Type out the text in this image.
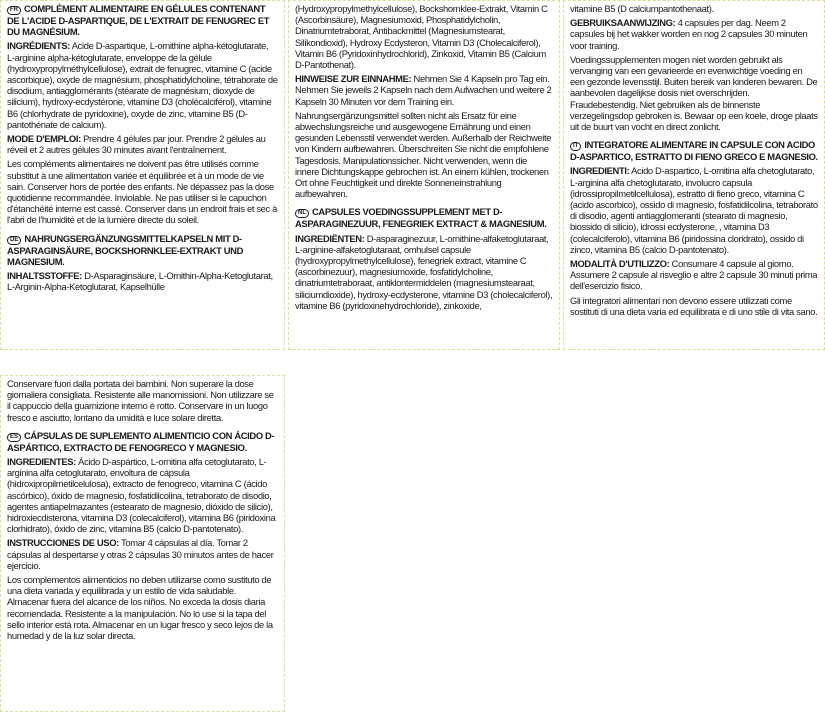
FR COMPLÉMENT ALIMENTAIRE EN GÉLULES CONTENANT DE L'ACIDE D-ASPARTIQUE, DE L'EXTRAIT DE FENUGREC ET DU MAGNÉSIUM.

INGRÉDIENTS: Acide D-aspartique, L-ornithine alpha-kétoglutarate, L-arginine alpha-kétoglutarate, enveloppe de la gélule (hydroxypropylméthylcellulose), extrait de fenugrec, vitamine C (acide ascorbique), oxyde de magnésium, phosphatidylcholine, tétraborate de disodium, antiagglomérants (stéarate de magnésium, dioxyde de silicium), hydroxy-ecdystérone, vitamine D3 (cholécalciférol), vitamine B6 (chlorhydrate de pyridoxine), oxyde de zinc, vitamine B5 (D-pantothénate de calcium).

MODE D'EMPLOI: Prendre 4 gélules par jour. Prendre 2 gélules au réveil et 2 autres gélules 30 minutes avant l'entraînement.

Les compléments alimentaires ne doivent pas être utilisés comme substitut à une alimentation variée et équilibrée et à un mode de vie sain. Conserver hors de portée des enfants. Ne dépassez pas la dose quotidienne recommandée. Inviolable. Ne pas utiliser si le capuchon d'étanchéité interne est cassé. Conserver dans un endroit frais et sec à l'abri de l'humidité et de la lumière directe du soleil.

DE NAHRUNGSERGÄNZUNGSMITTELKAPSELN MIT D-ASPARAGINSÄURE, BOCKSHORNKLEE-EXTRAKT UND MAGNESIUM.

INHALTSSTOFFE: D-Asparaginsäure, L-Ornithin-Alpha-Ketoglutarat, L-Arginin-Alpha-Ketoglutarat, Kapselhülle

(Hydroxypropylmethylcellulose), Bockshornklee-Extrakt, Vitamin C (Ascorbinsäure), Magnesiumoxid, Phosphatidylcholin, Dinatriumtetraborat, Antibackmittel (Magnesiumstearat, Silikondioxid), Hydroxy Ecdysteron, Vitamin D3 (Cholecalciferol), Vitamin B6 (Pyridoxinhydrochlorid), Zinkoxid, Vitamin B5 (Calcium D-Pantothenat).

HINWEISE ZUR EINNAHME: Nehmen Sie 4 Kapseln pro Tag ein. Nehmen Sie jeweils 2 Kapseln nach dem Aufwachen und weitere 2 Kapseln 30 Minuten vor dem Training ein.

Nahrungsergänzungsmittel sollten nicht als Ersatz für eine abwechslungsreiche und ausgewogene Ernährung und einen gesunden Lebensstil verwendet werden. Außerhalb der Reichweite von Kindern aufbewahren. Überschreiten Sie nicht die empfohlene Tagesdosis. Manipulationssicher. Nicht verwenden, wenn die innere Dichtungskappe gebrochen ist. An einem kühlen, trockenen Ort ohne Feuchtigkeit und direkte Sonneneinstrahlung aufbewahren.

NL CAPSULES VOEDINGSSUPPLEMENT MET D-ASPARAGINEZUUR, FENEGRIEK EXTRACT & MAGNESIUM.

INGREDIËNTEN: D-asparaginezuur, L-ornithine-alfaketoglutaraat, L-arginine-alfaketoglutaraat, omhulsel capsule (hydroxypropylmethylcellulose), fenegriek extract, vitamine C (ascorbinezuur), magnesiumoxide, fosfatidylcholine, dinatriumtetraboraat, antiklontermiddelen (magnesiumstearaat, siliciumdioxide), hydroxy-ecdysterone, vitamine D3 (cholecalciferol), vitamine B6 (pyridoxinehydrochloride), zinkoxide,

vitamine B5 (D calciumpantothenaat).

GEBRUIKSAANWIJZING: 4 capsules per dag. Neem 2 capsules bij het wakker worden en nog 2 capsules 30 minuten voor training.

Voedingssupplementen mogen niet worden gebruikt als vervanging van een gevarieerde en evenwichtige voeding en een gezonde levensstijl. Buiten bereik van kinderen bewaren. De aanbevolen dagelijkse dosis niet overschrijden. Fraudebestendig. Niet gebruiken als de binnenste verzegelingsdop gebroken is. Bewaar op een koele, droge plaats uit de buurt van vocht en direct zonlicht.

IT INTEGRATORE ALIMENTARE IN CAPSULE CON ACIDO D-ASPARTICO, ESTRATTO DI FIENO GRECO E MAGNESIO.

INGREDIENTI: Acido D-aspartico, L-ornitina alfa chetoglutarato, L-arginina alfa chetoglutarato, involucro capsula (idrossipropilmetilcellulosa), estratto di fieno greco, vitamina C (acido ascorbico), ossido di magnesio, fosfatidilcolina, tetraborato di disodio, agenti antiagglomeranti (stearato di magnesio, biossido di silicio), idrossi ecdysterone, , vitamina D3 (colecalciferolo), vitamina B6 (piridossina cloridrato), ossido di zinco, vitamina B5 (calcio D-pantotenato).

MODALITÀ D'UTILIZZO: Consumare 4 capsule al giorno. Assumere 2 capsule al risveglio e altre 2 capsule 30 minuti prima dell'esercizio fisico.

Gli integratori alimentari non devono essere utilizzati come sostituti di una dieta varia ed equilibrata e di uno stile di vita sano.

Conservare fuori dalla portata dei bambini. Non superare la dose giornaliera consigliata. Resistente alle manomissioni. Non utilizzare se il cappuccio della guarnizione interno è rotto. Conservare in un luogo fresco e asciutto, lontano da umidità e luce solare diretta.

ES CÁPSULAS DE SUPLEMENTO ALIMENTICIO CON ÁCIDO D-ASPÁRTICO, EXTRACTO DE FENOGRECO Y MAGNESIO.

INGREDIENTES: Ácido D-aspártico, L-ornitina alfa cetoglutarato, L-arginina alfa cetoglutarato, envoltura de cápsula (hidroxipropilmetilcelulosa), extracto de fenogreco, vitamina C (ácido ascórbico), óxido de magnesio, fosfatidilcolina, tetraborato de disodio, agentes antiapelmazantes (estearato de magnesio, dióxido de silicio), hidroxiecdisterona, vitamina D3 (colecalciferol), vitamina B6 (piridoxina clorhidrato), óxido de zinc, vitamina B5 (calcio D-pantotenato).

INSTRUCCIONES DE USO: Tomar 4 cápsulas al día. Tomar 2 cápsulas al despertarse y otras 2 cápsulas 30 minutos antes de hacer ejercicio.

Los complementos alimenticios no deben utilizarse como sustituto de una dieta variada y equilibrada y un estilo de vida saludable. Almacenar fuera del alcance de los niños. No exceda la dosis diaria recomendada. Resistente a la manipulación. No lo use si la tapa del sello interior está rota. Almacenar en un lugar fresco y seco lejos de la humedad y de la luz solar directa.
